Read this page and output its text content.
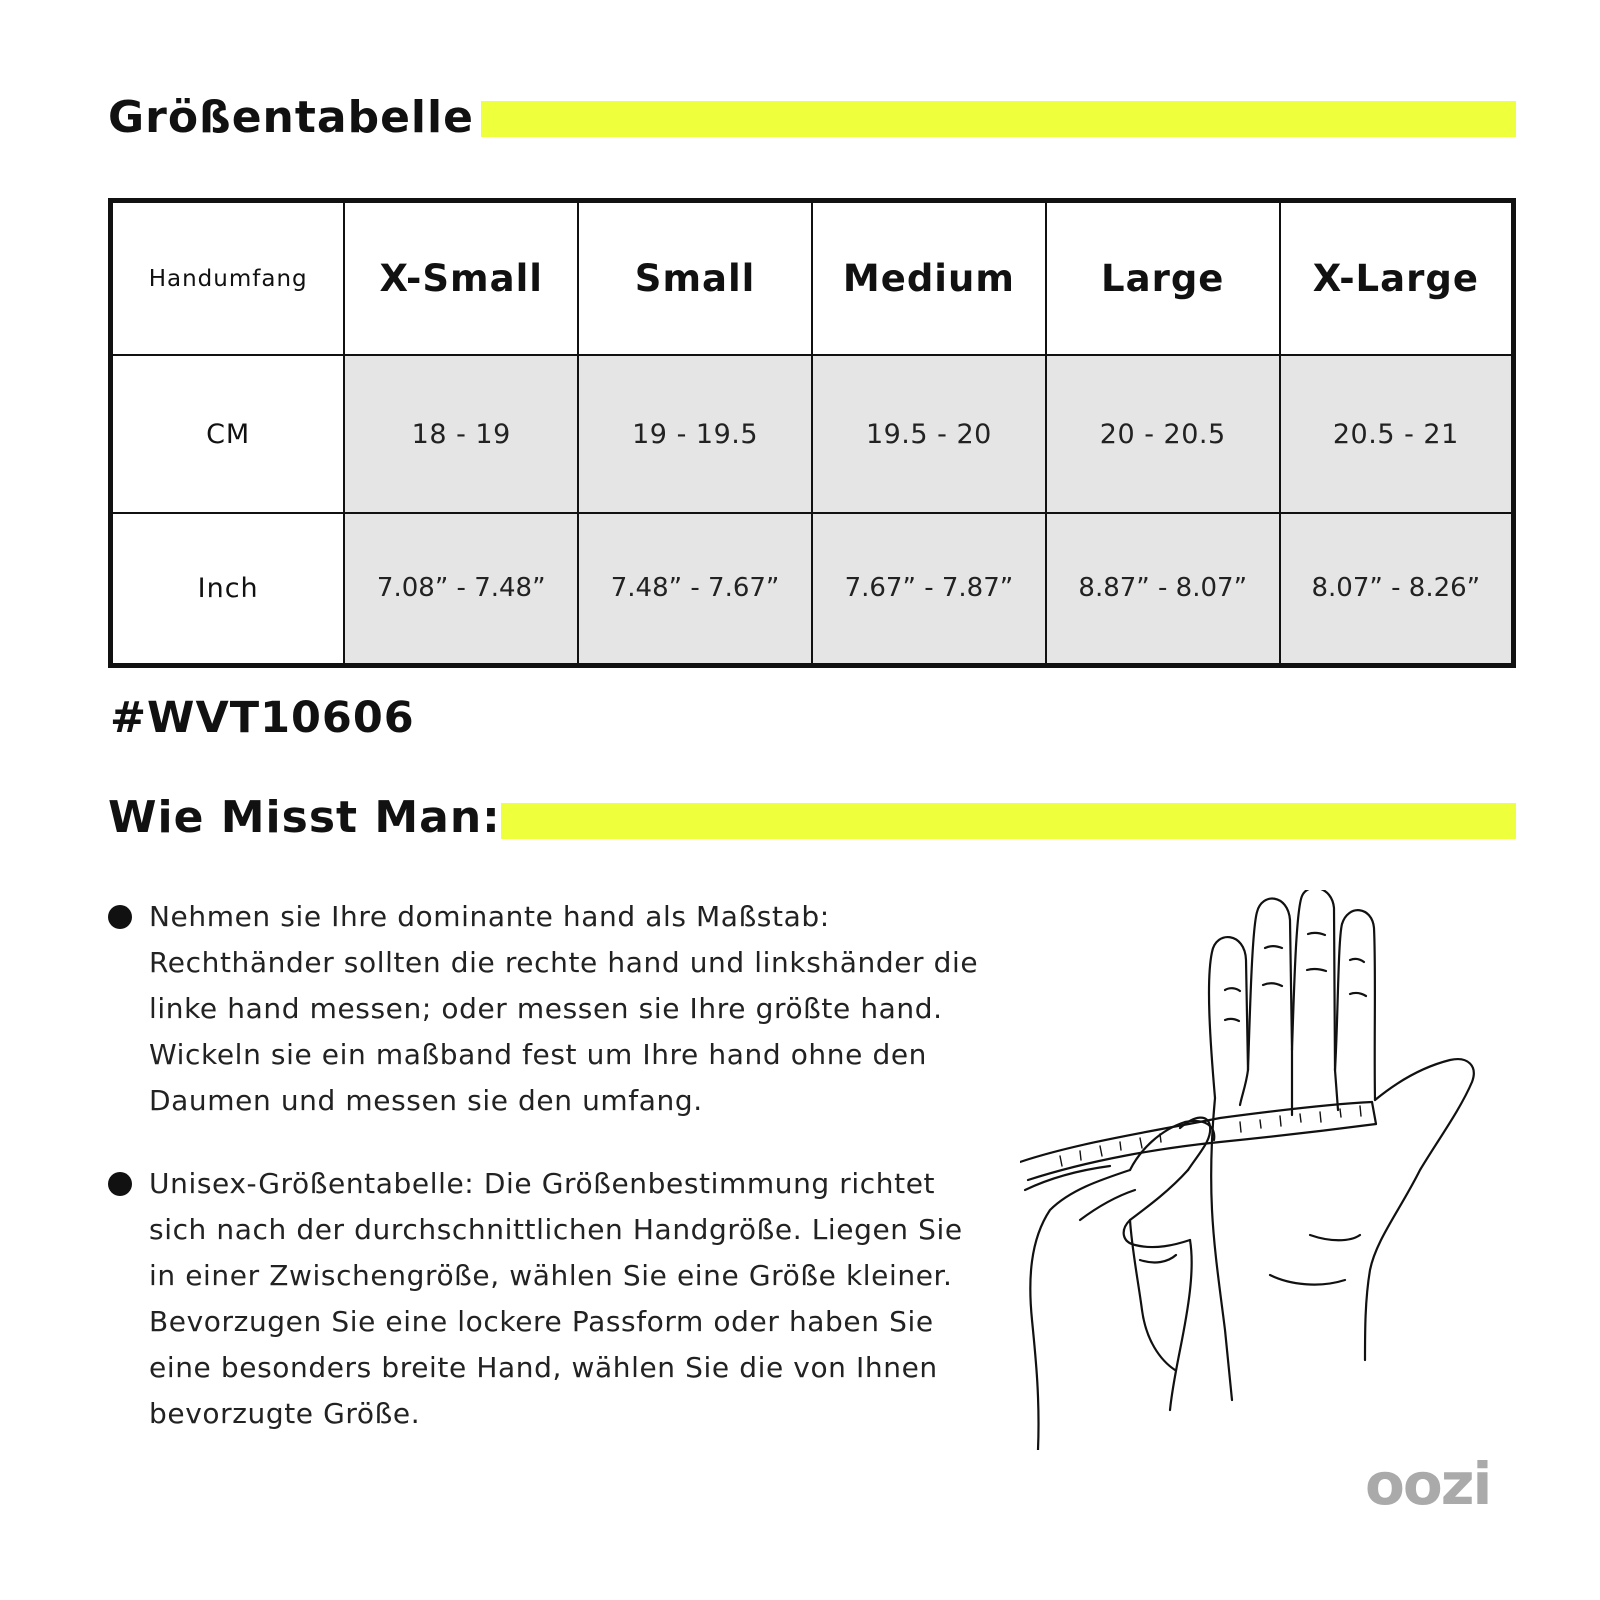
Größentabelle
Handumfang	X-Small	Small	Medium	Large	X-Large
CM	18 - 19	19 - 19.5	19.5 - 20	20 - 20.5	20.5 - 21
Inch	7.08” - 7.48”	7.48” - 7.67”	7.67” - 7.87”	8.87” - 8.07”	8.07” - 8.26”

#WVT10606

Wie Misst Man:

Nehmen sie Ihre dominante hand als Maßstab: Rechthänder sollten die rechte hand und linkshänder die linke hand messen; oder messen sie Ihre größte hand. Wickeln sie ein maßband fest um Ihre hand ohne den Daumen und messen sie den umfang.

Unisex-Größentabelle: Die Größenbestimmung richtet sich nach der durchschnittlichen Handgröße. Liegen Sie in einer Zwischengröße, wählen Sie eine Größe kleiner. Bevorzugen Sie eine lockere Passform oder haben Sie eine besonders breite Hand, wählen Sie die von Ihnen bevorzugte Größe.

oozi
